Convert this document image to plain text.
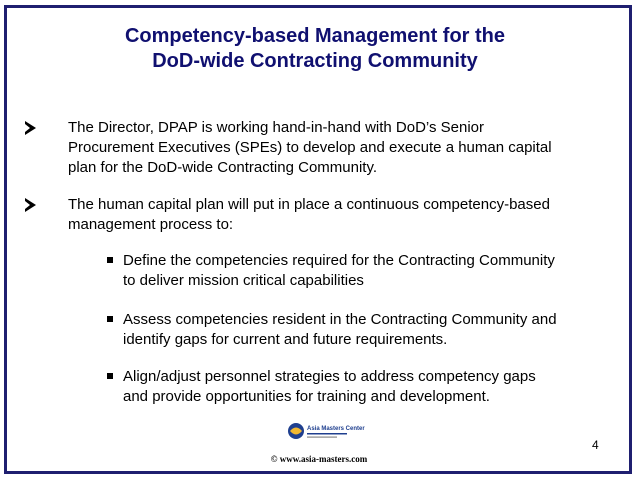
Competency-based Management for the
DoD-wide Contracting Community
The Director, DPAP is working hand-in-hand with DoD’s Senior
Procurement Executives (SPEs) to develop and execute a human capital
plan for the DoD-wide Contracting Community.
The human capital plan will put in place a continuous competency-based
management process to:
Define the competencies required for the Contracting Community
to deliver mission critical capabilities
Assess competencies resident in the Contracting Community and
identify gaps for current and future requirements.
Align/adjust personnel strategies to address competency gaps
and provide opportunities for training and development.
Asia Masters Center
© www.asia-masters.com
4
